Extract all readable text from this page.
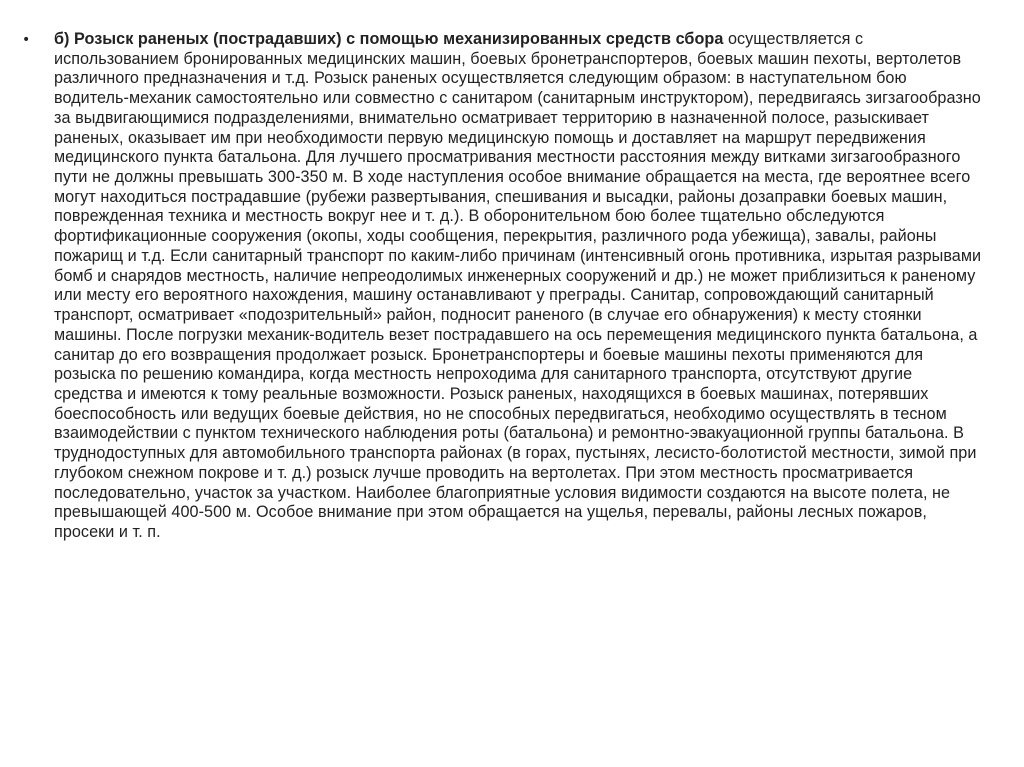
• б) Розыск раненых (пострадавших) с помощью механизированных средств сбора осуществляется с использованием бронированных медицинских машин, боевых бронетранспортеров, боевых машин пехоты, вертолетов различного предназначения и т.д. Розыск раненых осуществляется следующим образом: в наступательном бою водитель-механик самостоятельно или совместно с санитаром (санитарным инструктором), передвигаясь зигзагообразно за выдвигающимися подразделениями, внимательно осматривает территорию в назначенной полосе, разыскивает раненых, оказывает им при необходимости первую медицинскую помощь и доставляет на маршрут передвижения медицинского пункта батальона. Для лучшего просматривания местности расстояния между витками зигзагообразного пути не должны превышать 300-350 м. В ходе наступления особое внимание обращается на места, где вероятнее всего могут находиться пострадавшие (рубежи развертывания, спешивания и высадки, районы дозаправки боевых машин, поврежденная техника и местность вокруг нее и т. д.). В оборонительном бою более тщательно обследуются фортификационные сооружения (окопы, ходы сообщения, перекрытия, различного рода убежища), завалы, районы пожарищ и т.д. Если санитарный транспорт по каким-либо причинам (интенсивный огонь противника, изрытая разрывами бомб и снарядов местность, наличие непреодолимых инженерных сооружений и др.) не может приблизиться к раненому или месту его вероятного нахождения, машину останавливают у преграды. Санитар, сопровождающий санитарный транспорт, осматривает «подозрительный» район, подносит раненого (в случае его обнаружения) к месту стоянки машины. После погрузки механик-водитель везет пострадавшего на ось перемещения медицинского пункта батальона, а санитар до его возвращения продолжает розыск. Бронетранспортеры и боевые машины пехоты применяются для розыска по решению командира, когда местность непроходима для санитарного транспорта, отсутствуют другие средства и имеются к тому реальные возможности. Розыск раненых, находящихся в боевых машинах, потерявших боеспособность или ведущих боевые действия, но не способных передвигаться, необходимо осуществлять в тесном взаимодействии с пунктом технического наблюдения роты (батальона) и ремонтно-эвакуационной группы батальона. В труднодоступных для автомобильного транспорта районах (в горах, пустынях, лесисто-болотистой местности, зимой при глубоком снежном покрове и т. д.) розыск лучше проводить на вертолетах. При этом местность просматривается последовательно, участок за участком. Наиболее благоприятные условия видимости создаются на высоте полета, не превышающей 400-500 м. Особое внимание при этом обращается на ущелья, перевалы, районы лесных пожаров, просеки и т. п.
